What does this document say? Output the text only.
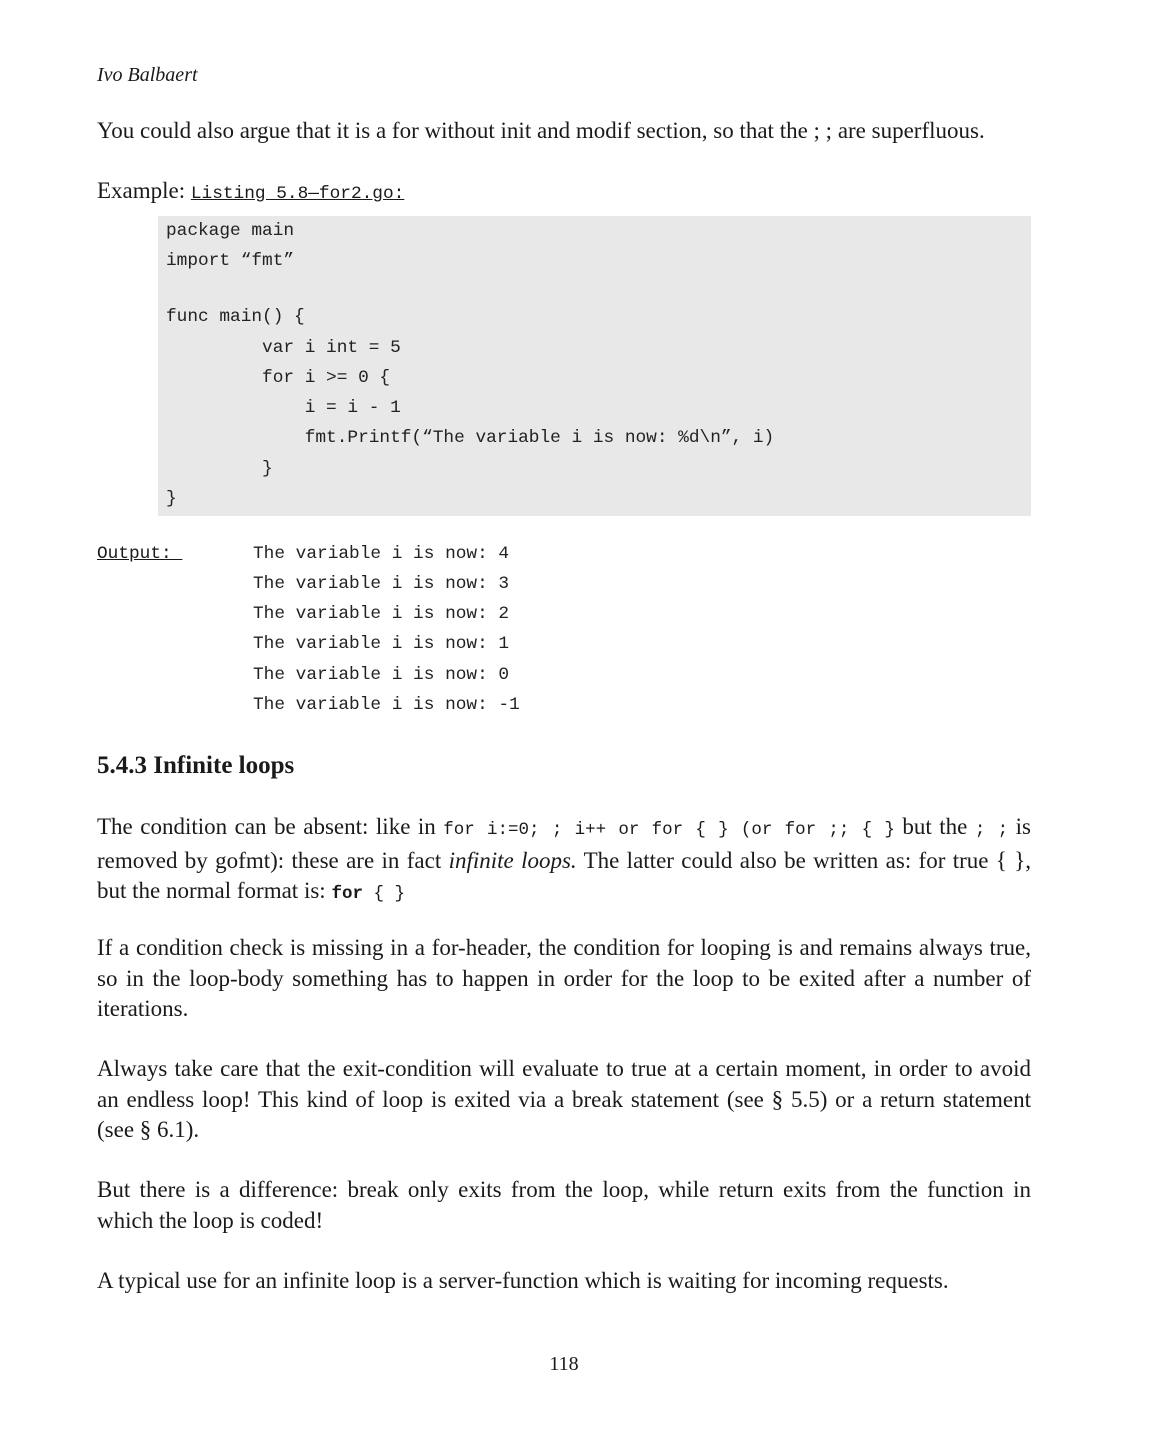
Ivo Balbaert
You could also argue that it is a for without init and modif section, so that the ; ; are superfluous.
Example: Listing 5.8—for2.go:
package main
import “fmt”
func main() {
var i int = 5
for i >= 0 {
i = i - 1
fmt.Printf(“The variable i is now: %d\n”, i)
}
}
Output:	The variable i is now: 4
The variable i is now: 3
The variable i is now: 2
The variable i is now: 1
The variable i is now: 0
The variable i is now: -1
5.4.3 Infinite loops
The condition can be absent: like in for i:=0; ; i++ or for { } (or for ;; { } but the ; ; is removed by gofmt): these are in fact infinite loops. The latter could also be written as: for true { }, but the normal format is: for { }
If a condition check is missing in a for-header, the condition for looping is and remains always true, so in the loop-body something has to happen in order for the loop to be exited after a number of iterations.
Always take care that the exit-condition will evaluate to true at a certain moment, in order to avoid an endless loop! This kind of loop is exited via a break statement (see § 5.5) or a return statement (see § 6.1).
But there is a difference: break only exits from the loop, while return exits from the function in which the loop is coded!
A typical use for an infinite loop is a server-function which is waiting for incoming requests.
118
